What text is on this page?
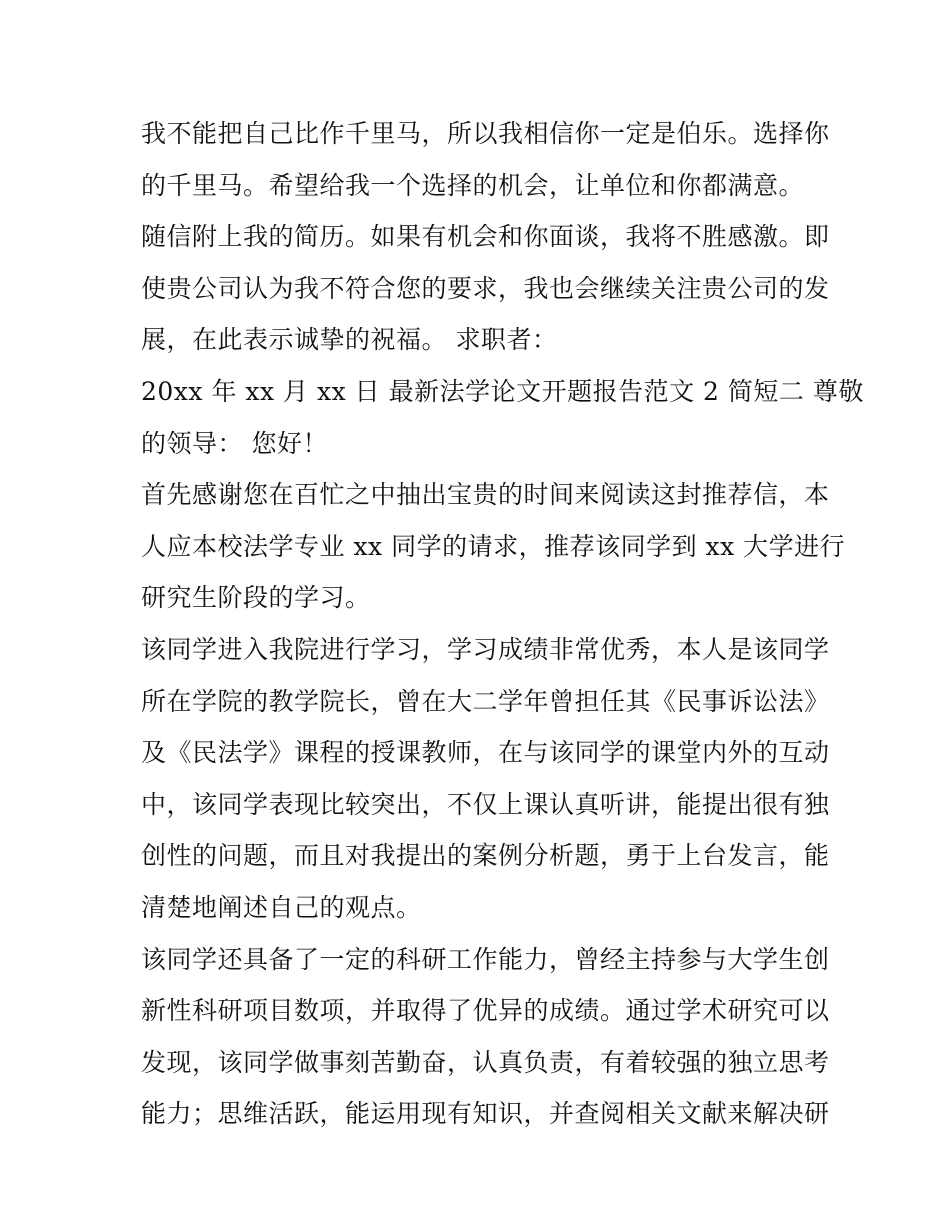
我不能把自己比作千里马，所以我相信你一定是伯乐。选择你
的千里马。希望给我一个选择的机会，让单位和你都满意。
随信附上我的简历。如果有机会和你面谈，我将不胜感激。即
使贵公司认为我不符合您的要求，我也会继续关注贵公司的发
展，在此表示诚挚的祝福。 求职者：
20xx 年 xx 月 xx 日 最新法学论文开题报告范文 2 简短二 尊敬
的领导： 您好！
首先感谢您在百忙之中抽出宝贵的时间来阅读这封推荐信，本
人应本校法学专业 xx 同学的请求，推荐该同学到 xx 大学进行
研究生阶段的学习。
该同学进入我院进行学习，学习成绩非常优秀，本人是该同学
所在学院的教学院长，曾在大二学年曾担任其《民事诉讼法》
及《民法学》课程的授课教师，在与该同学的课堂内外的互动
中，该同学表现比较突出，不仅上课认真听讲，能提出很有独
创性的问题，而且对我提出的案例分析题，勇于上台发言，能
清楚地阐述自己的观点。
该同学还具备了一定的科研工作能力，曾经主持参与大学生创
新性科研项目数项，并取得了优异的成绩。通过学术研究可以
发现，该同学做事刻苦勤奋，认真负责，有着较强的独立思考
能力；思维活跃，能运用现有知识，并查阅相关文献来解决研
